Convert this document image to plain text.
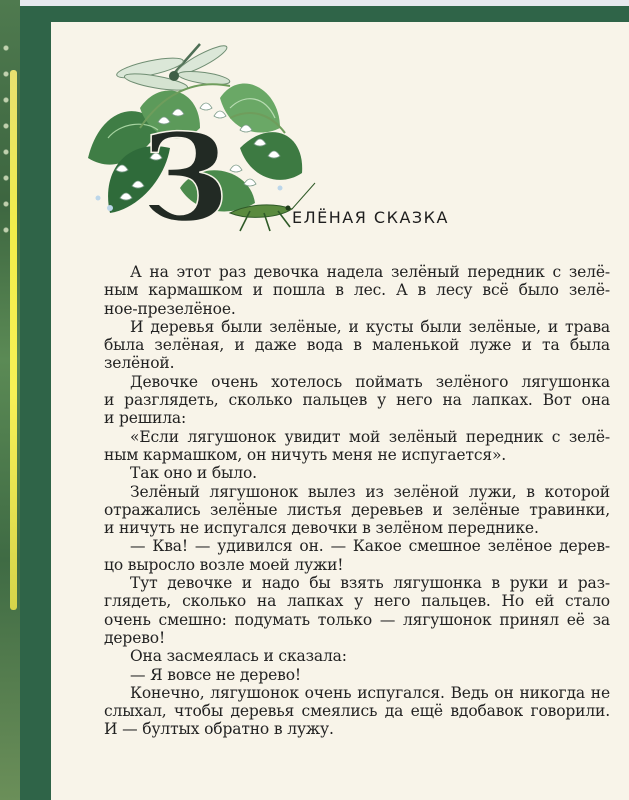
З	ЕЛЁНАЯ СКАЗКА
А на этот раз девочка надела зелёный передник с зелё-
ным кармашком и пошла в лес. А в лесу всё было зелё-
ное-презелёное.
И деревья были зелёные, и кусты были зелёные, и трава
была зелёная, и даже вода в маленькой луже и та была
зелёной.
Девочке очень хотелось поймать зелёного лягушонка
и разглядеть, сколько пальцев у него на лапках. Вот она
и решила:
«Если лягушонок увидит мой зелёный передник с зелё-
ным кармашком, он ничуть меня не испугается».
Так оно и было.
Зелёный лягушонок вылез из зелёной лужи, в которой
отражались зелёные листья деревьев и зелёные травинки,
и ничуть не испугался девочки в зелёном переднике.
— Ква! — удивился он. — Какое смешное зелёное дерев-
цо выросло возле моей лужи!
Тут девочке и надо бы взять лягушонка в руки и раз-
глядеть, сколько на лапках у него пальцев. Но ей стало
очень смешно: подумать только — лягушонок принял её за
дерево!
Она засмеялась и сказала:
— Я вовсе не дерево!
Конечно, лягушонок очень испугался. Ведь он никогда не
слыхал, чтобы деревья смеялись да ещё вдобавок говорили.
И — бултых обратно в лужу.
